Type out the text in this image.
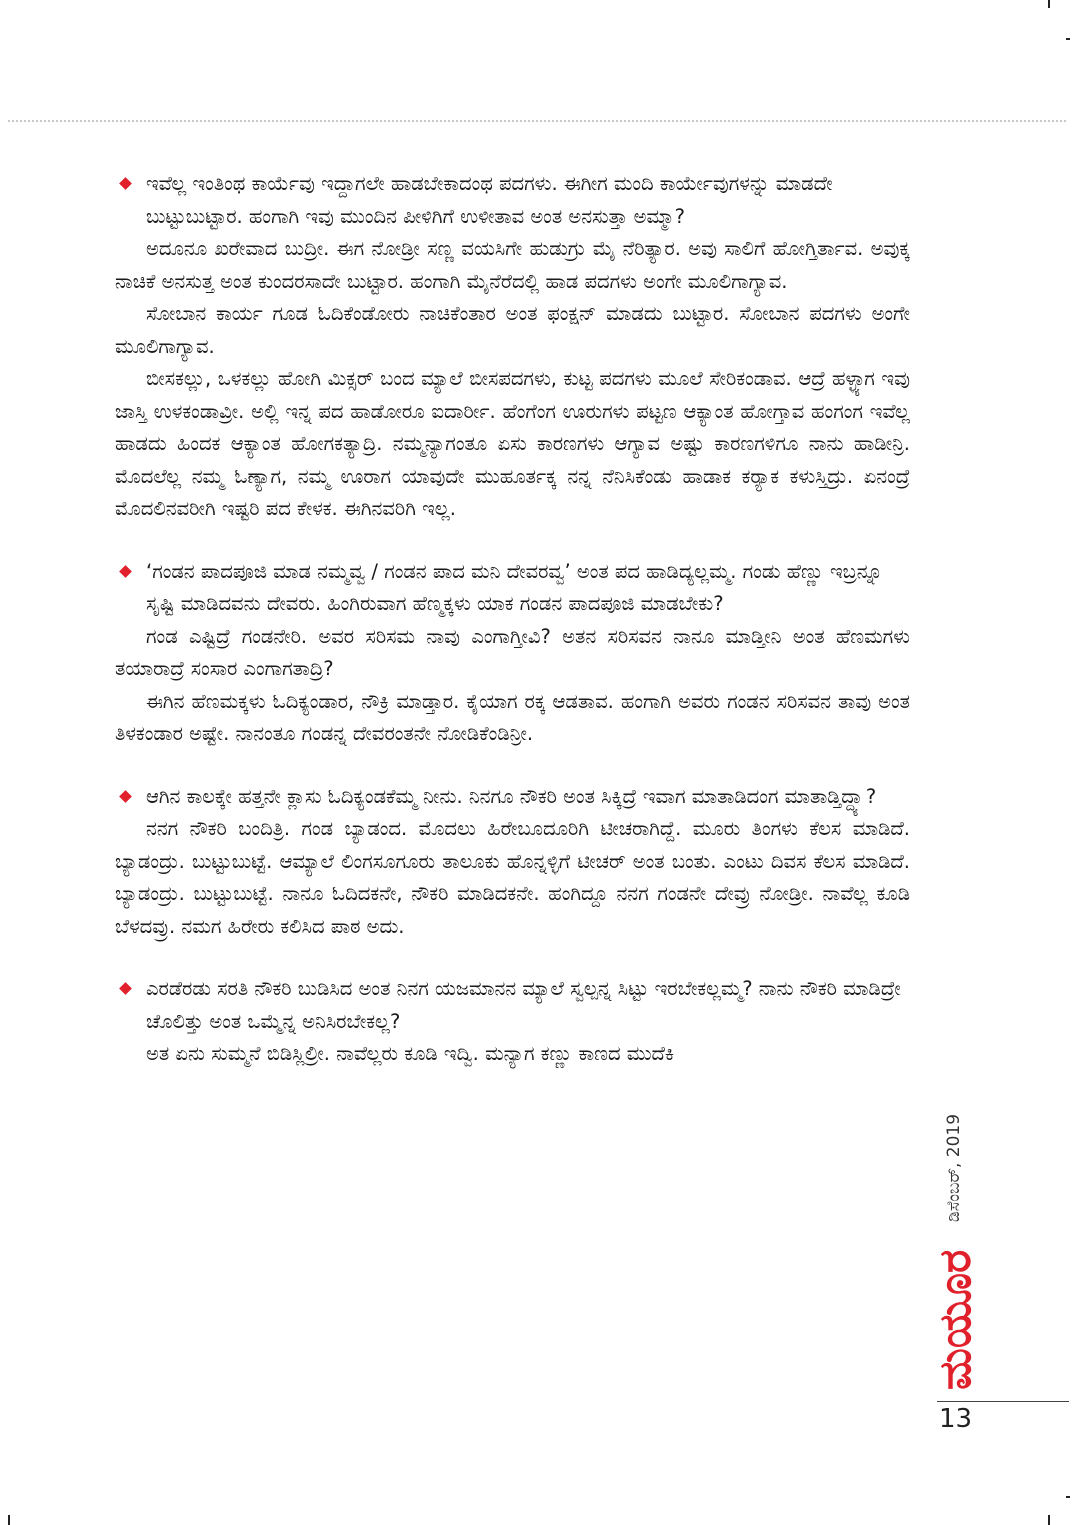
ಇವೆಲ್ಲ ಇಂತಿಂಥ ಕಾರ್ಯೆವು ಇದ್ದಾಗಲೇ ಹಾಡಬೇಕಾದಂಥ ಪದಗಳು. ಈಗೀಗ ಮಂದಿ ಕಾರ್ಯೇವುಗಳನ್ನು ಮಾಡದೇ ಬುಟ್ಟುಬುಟ್ಟಾರ. ಹಂಗಾಗಿ ಇವು ಮುಂದಿನ ಪೀಳಿಗಿಗೆ ಉಳೀತಾವ ಅಂತ ಅನಸುತ್ತಾ ಅಮ್ಮಾ?

ಅದೂನೂ ಖರೇವಾದ ಬುದ್ರೀ. ಈಗ ನೋಡ್ರೀ ಸಣ್ಣ ವಯಸಿಗೇ ಹುಡುಗ್ರು ಮೈ ನೆರಿತ್ಯಾರ. ಅವು ಸಾಲಿಗೆ ಹೋಗ್ತಿರ್ತಾವ. ಅವುಕ್ಕ ನಾಚಿಕೆ ಅನಸುತ್ತ ಅಂತ ಕುಂದರಸಾದೇ ಬುಟ್ಟಾರ. ಹಂಗಾಗಿ ಮೈನೆರೆದಲ್ಲಿ ಹಾಡ ಪದಗಳು ಅಂಗೇ ಮೂಲಿಗಾಗ್ಯಾವ.

ಸೋಬಾನ ಕಾರ್ಯ ಗೂಡ ಓದಿಕೆಂಡೋರು ನಾಚಿಕೆಂತಾರ ಅಂತ ಫಂಕ್ಷನ್ ಮಾಡದು ಬುಟ್ಟಾರ. ಸೋಬಾನ ಪದಗಳು ಅಂಗೇ ಮೂಲಿಗಾಗ್ಯಾವ.

ಬೀಸಕಲ್ಲು, ಒಳಕಲ್ಲು ಹೋಗಿ ಮಿಕ್ಸರ್ ಬಂದ ಮ್ಯಾಲೆ ಬೀಸಪದಗಳು, ಕುಟ್ಟ ಪದಗಳು ಮೂಲೆ ಸೇರಿಕಂಡಾವ. ಆದ್ರೆ ಹಳ್ಳ್ಯಾಗ ಇವು ಜಾಸ್ತಿ ಉಳಕಂಡಾವ್ರೀ. ಅಲ್ಲಿ ಇನ್ನ ಪದ ಹಾಡೋರೂ ಐದಾರ್ರೀ. ಹೆಂಗೆಂಗ ಊರುಗಳು ಪಟ್ಟಣ ಆಕ್ಯಾಂತ ಹೋಗ್ತಾವ ಹಂಗಂಗ ಇವೆಲ್ಲ ಹಾಡದು ಹಿಂದಕ ಆಕ್ಯಾಂತ ಹೋಗಕತ್ಯಾದ್ರಿ. ನಮ್ಮನ್ಯಾಗಂತೂ ಏಸು ಕಾರಣಗಳು ಆಗ್ಯಾವ ಅಷ್ಟು ಕಾರಣಗಳಿಗೂ ನಾನು ಹಾಡೀನ್ರಿ. ಮೊದಲೆಲ್ಲ ನಮ್ಮ ಓಣ್ಯಾಗ, ನಮ್ಮ ಊರಾಗ ಯಾವುದೇ ಮುಹೂರ್ತಕ್ಕ ನನ್ನ ನೆನಿಸಿಕೆಂಡು ಹಾಡಾಕ ಕರ್‍ಯಾಕ ಕಳುಸ್ತಿದ್ರು. ಏನಂದ್ರೆ ಮೊದಲಿನವರೀಗಿ ಇಷ್ಟರಿ ಪದ ಕೇಳಕ. ಈಗಿನವರಿಗಿ ಇಲ್ಲ.

‘ಗಂಡನ ಪಾದಪೂಜಿ ಮಾಡ ನಮ್ಮವ್ವ / ಗಂಡನ ಪಾದ ಮನಿ ದೇವರವ್ವ’ ಅಂತ ಪದ ಹಾಡಿದ್ಯಲ್ಲಮ್ಮ. ಗಂಡು ಹೆಣ್ಣು ಇಬ್ರನ್ನೂ ಸೃಷ್ಟಿ ಮಾಡಿದವನು ದೇವರು. ಹಿಂಗಿರುವಾಗ ಹೆಣ್ಮಕ್ಕಳು ಯಾಕ ಗಂಡನ ಪಾದಪೂಜಿ ಮಾಡಬೇಕು?

ಗಂಡ ಎಷ್ಟಿದ್ರೆ ಗಂಡನೇರಿ. ಅವರ ಸರಿಸಮ ನಾವು ಎಂಗಾಗ್ತೀವಿ? ಅತನ ಸರಿಸವನ ನಾನೂ ಮಾಡ್ತೀನಿ ಅಂತ ಹೆಣಮಗಳು ತಯಾರಾದ್ರೆ ಸಂಸಾರ ಎಂಗಾಗತಾದ್ರಿ?

ಈಗಿನ ಹೆಣಮಕ್ಕಳು ಓದಿಕ್ಯಂಡಾರ, ನೌಕ್ರಿ ಮಾಡ್ತಾರ. ಕೈಯಾಗ ರಕ್ಕ ಆಡತಾವ. ಹಂಗಾಗಿ ಅವರು ಗಂಡನ ಸರಿಸವನ ತಾವು ಅಂತ ತಿಳಕಂಡಾರ ಅಷ್ಟೇ. ನಾನಂತೂ ಗಂಡನ್ನ ದೇವರಂತನೇ ನೋಡಿಕೆಂಡಿನ್ರೀ.

ಆಗಿನ ಕಾಲಕ್ಕೇ ಹತ್ತನೇ ಕ್ಲಾಸು ಓದಿಕ್ಯಂಡಕೆಮ್ಮ ನೀನು. ನಿನಗೂ ನೌಕರಿ ಅಂತ ಸಿಕ್ಕಿದ್ರೆ ಇವಾಗ ಮಾತಾಡಿದಂಗ ಮಾತಾಡ್ತಿದ್ದ್ಯಾ?

ನನಗ ನೌಕರಿ ಬಂದಿತ್ರಿ. ಗಂಡ ಬ್ಯಾಡಂದ. ಮೊದಲು ಹಿರೇಬೂದೂರಿಗಿ ಟೀಚರಾಗಿದ್ದೆ. ಮೂರು ತಿಂಗಳು ಕೆಲಸ ಮಾಡಿದೆ. ಬ್ಯಾಡಂದ್ರು. ಬುಟ್ಟುಬುಟ್ಟೆ. ಆಮ್ಯಾಲೆ ಲಿಂಗಸೂಗೂರು ತಾಲೂಕು ಹೊನ್ನಳ್ಳಿಗೆ ಟೀಚರ್ ಅಂತ ಬಂತು. ಎಂಟು ದಿವಸ ಕೆಲಸ ಮಾಡಿದೆ. ಬ್ಯಾಡಂದ್ರು. ಬುಟ್ಟುಬುಟ್ಟೆ. ನಾನೂ ಓದಿದಕನೇ, ನೌಕರಿ ಮಾಡಿದಕನೇ. ಹಂಗಿದ್ದೂ ನನಗ ಗಂಡನೇ ದೇವ್ರು ನೋಡ್ರೀ. ನಾವೆಲ್ಲ ಕೂಡಿ ಬೆಳದವ್ರು. ನಮಗ ಹಿರೇರು ಕಲಿಸಿದ ಪಾಠ ಅದು.

ಎರಡೆರಡು ಸರತಿ ನೌಕರಿ ಬುಡಿಸಿದ ಅಂತ ನಿನಗ ಯಜಮಾನನ ಮ್ಯಾಲೆ ಸ್ವಲ್ಪನ್ನ ಸಿಟ್ಟು ಇರಬೇಕಲ್ಲಮ್ಮ? ನಾನು ನೌಕರಿ ಮಾಡಿದ್ರೇ ಚೊಲಿತ್ತು ಅಂತ ಒಮ್ಮೆನ್ನ ಅನಿಸಿರಬೇಕಲ್ಲ?

ಅತ ಏನು ಸುಮ್ಮನೆ ಬಿಡಿಸ್ಲಿಲ್ರೀ. ನಾವೆಲ್ಲರು ಕೂಡಿ ಇದ್ವಿ. ಮನ್ಯಾಗ ಕಣ್ಣು ಕಾಣದ ಮುದೆಕಿ

ಡಿಸೆಂಬರ್, 2019
ಮಯೂರ
13
